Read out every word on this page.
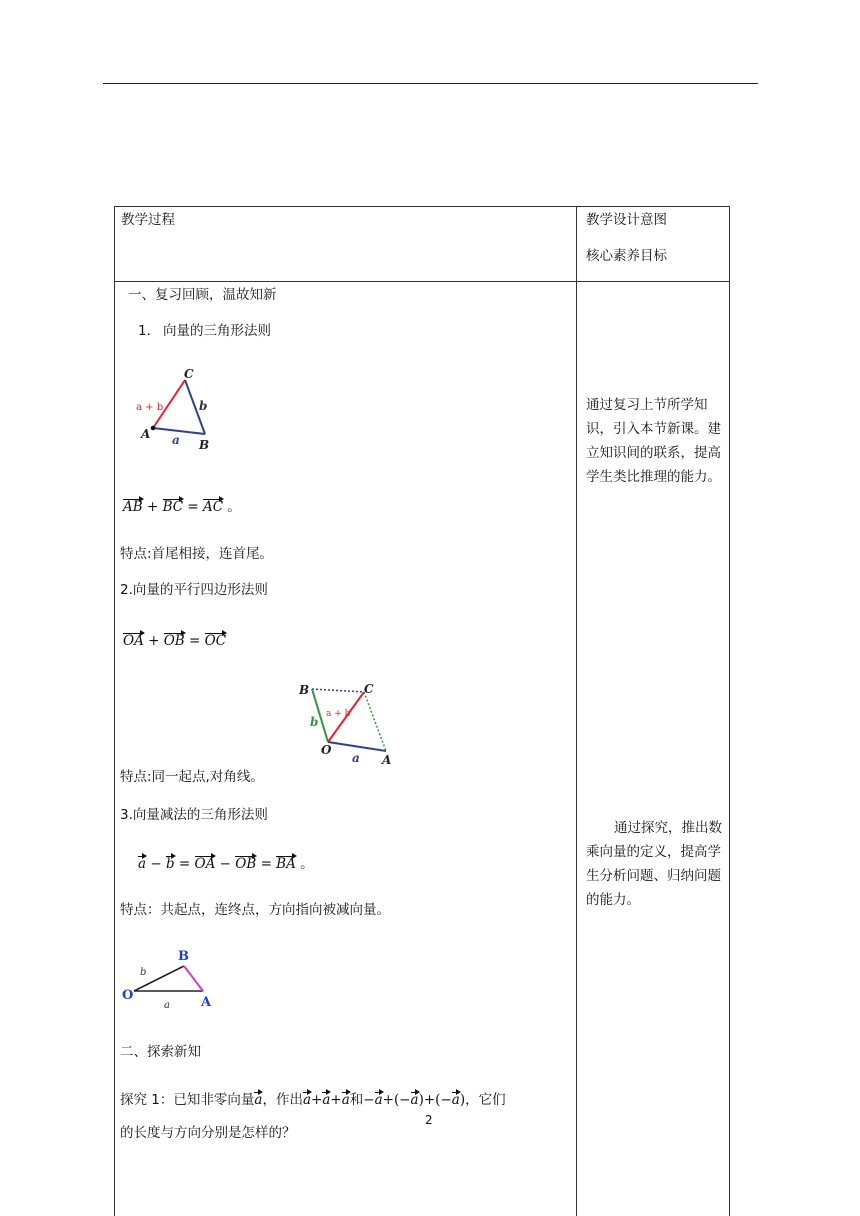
教学过程	教学设计意图
核心素养目标
一、复习回顾，温故知新
1. 向量的三角形法则
a + b	b
a
A
B
C
AB + BC = AC 。
特点:首尾相接，连首尾。
2.向量的平行四边形法则
OA + OB = OC
B	C
O
A
b
a
a + b
特点:同一起点,对角线。
3.向量减法的三角形法则
a − b = OA − OB = BA 。
特点：共起点，连终点，方向指向被减向量。
B
O	A
b
a
二、探索新知
探究 1：已知非零向量a，作出a+a+a和−a+(−a)+(−a)，它们
的长度与方向分别是怎样的？
2
通过复习上节所学知识，引入本节新课。建立知识间的联系，提高学生类比推理的能力。
通过探究，推出数乘向量的定义，提高学生分析问题、归纳问题的能力。
